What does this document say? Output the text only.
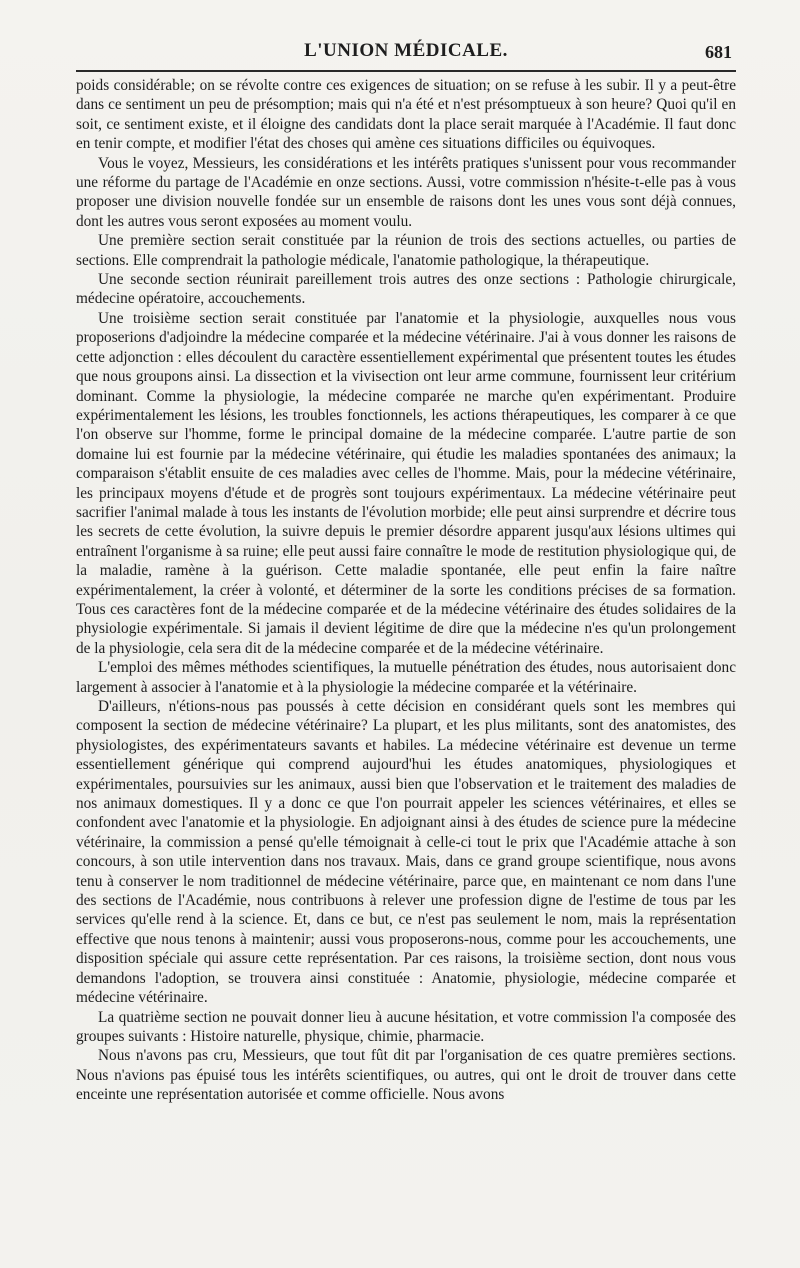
L'UNION MÉDICALE.	681

poids considérable; on se révolte contre ces exigences de situation; on se refuse à les subir. Il y a peut-être dans ce sentiment un peu de présomption; mais qui n'a été et n'est présomptueux à son heure? Quoi qu'il en soit, ce sentiment existe, et il éloigne des candidats dont la place serait marquée à l'Académie. Il faut donc en tenir compte, et modifier l'état des choses qui amène ces situations difficiles ou équivoques.

Vous le voyez, Messieurs, les considérations et les intérêts pratiques s'unissent pour vous recommander une réforme du partage de l'Académie en onze sections. Aussi, votre commission n'hésite-t-elle pas à vous proposer une division nouvelle fondée sur un ensemble de raisons dont les unes vous sont déjà connues, dont les autres vous seront exposées au moment voulu.

Une première section serait constituée par la réunion de trois des sections actuelles, ou parties de sections. Elle comprendrait la pathologie médicale, l'anatomie pathologique, la thérapeutique.

Une seconde section réunirait pareillement trois autres des onze sections : Pathologie chirurgicale, médecine opératoire, accouchements.

Une troisième section serait constituée par l'anatomie et la physiologie, auxquelles nous vous proposerions d'adjoindre la médecine comparée et la médecine vétérinaire. J'ai à vous donner les raisons de cette adjonction : elles découlent du caractère essentiellement expérimental que présentent toutes les études que nous groupons ainsi. La dissection et la vivisection ont leur arme commune, fournissent leur critérium dominant. Comme la physiologie, la médecine comparée ne marche qu'en expérimentant. Produire expérimentalement les lésions, les troubles fonctionnels, les actions thérapeutiques, les comparer à ce que l'on observe sur l'homme, forme le principal domaine de la médecine comparée. L'autre partie de son domaine lui est fournie par la médecine vétérinaire, qui étudie les maladies spontanées des animaux; la comparaison s'établit ensuite de ces maladies avec celles de l'homme. Mais, pour la médecine vétérinaire, les principaux moyens d'étude et de progrès sont toujours expérimentaux. La médecine vétérinaire peut sacrifier l'animal malade à tous les instants de l'évolution morbide; elle peut ainsi surprendre et décrire tous les secrets de cette évolution, la suivre depuis le premier désordre apparent jusqu'aux lésions ultimes qui entraînent l'organisme à sa ruine; elle peut aussi faire connaître le mode de restitution physiologique qui, de la maladie, ramène à la guérison. Cette maladie spontanée, elle peut enfin la faire naître expérimentalement, la créer à volonté, et déterminer de la sorte les conditions précises de sa formation. Tous ces caractères font de la médecine comparée et de la médecine vétérinaire des études solidaires de la physiologie expérimentale. Si jamais il devient légitime de dire que la médecine n'es qu'un prolongement de la physiologie, cela sera dit de la médecine comparée et de la médecine vétérinaire.

L'emploi des mêmes méthodes scientifiques, la mutuelle pénétration des études, nous autorisaient donc largement à associer à l'anatomie et à la physiologie la médecine comparée et la vétérinaire.

D'ailleurs, n'étions-nous pas poussés à cette décision en considérant quels sont les membres qui composent la section de médecine vétérinaire? La plupart, et les plus militants, sont des anatomistes, des physiologistes, des expérimentateurs savants et habiles. La médecine vétérinaire est devenue un terme essentiellement générique qui comprend aujourd'hui les études anatomiques, physiologiques et expérimentales, poursuivies sur les animaux, aussi bien que l'observation et le traitement des maladies de nos animaux domestiques. Il y a donc ce que l'on pourrait appeler les sciences vétérinaires, et elles se confondent avec l'anatomie et la physiologie. En adjoignant ainsi à des études de science pure la médecine vétérinaire, la commission a pensé qu'elle témoignait à celle-ci tout le prix que l'Académie attache à son concours, à son utile intervention dans nos travaux. Mais, dans ce grand groupe scientifique, nous avons tenu à conserver le nom traditionnel de médecine vétérinaire, parce que, en maintenant ce nom dans l'une des sections de l'Académie, nous contribuons à relever une profession digne de l'estime de tous par les services qu'elle rend à la science. Et, dans ce but, ce n'est pas seulement le nom, mais la représentation effective que nous tenons à maintenir; aussi vous proposerons-nous, comme pour les accouchements, une disposition spéciale qui assure cette représentation. Par ces raisons, la troisième section, dont nous vous demandons l'adoption, se trouvera ainsi constituée : Anatomie, physiologie, médecine comparée et médecine vétérinaire.

La quatrième section ne pouvait donner lieu à aucune hésitation, et votre commission l'a composée des groupes suivants : Histoire naturelle, physique, chimie, pharmacie.

Nous n'avons pas cru, Messieurs, que tout fût dit par l'organisation de ces quatre premières sections. Nous n'avions pas épuisé tous les intérêts scientifiques, ou autres, qui ont le droit de trouver dans cette enceinte une représentation autorisée et comme officielle. Nous avons
